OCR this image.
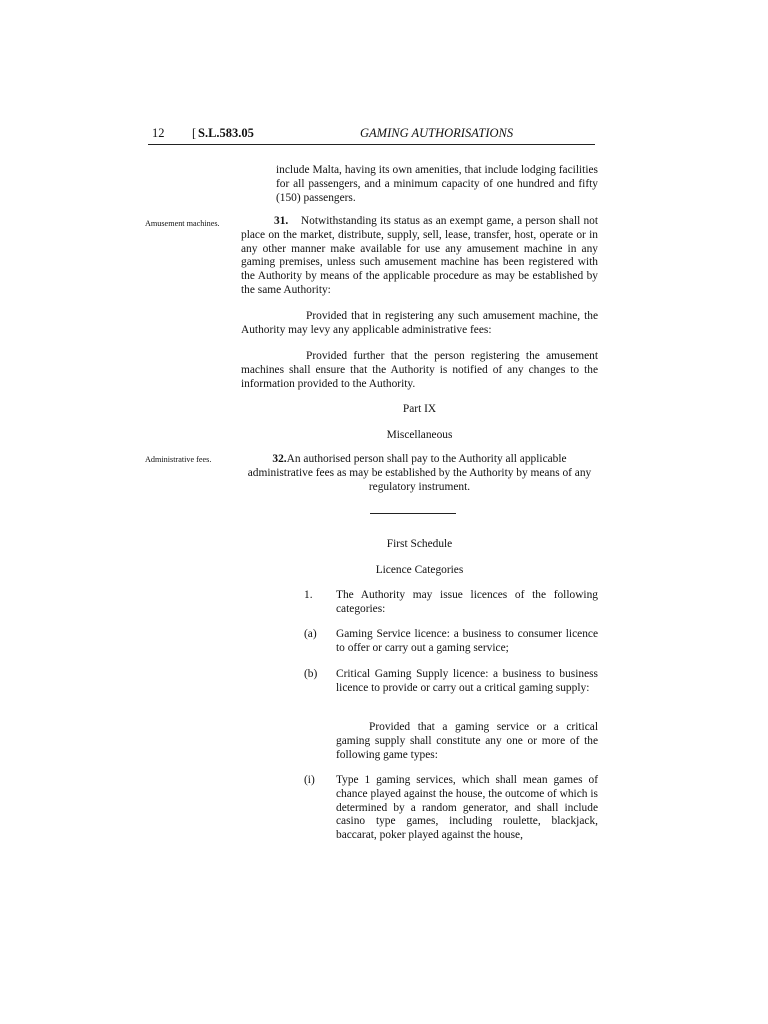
12 [ S.L.583.05	GAMING AUTHORISATIONS

include Malta, having its own amenities, that include lodging facilities for all passengers, and a minimum capacity of one hundred and fifty (150) passengers.

Amusement machines.	31. Notwithstanding its status as an exempt game, a person shall not place on the market, distribute, supply, sell, lease, transfer, host, operate or in any other manner make available for use any amusement machine in any gaming premises, unless such amusement machine has been registered with the Authority by means of the applicable procedure as may be established by the same Authority:

Provided that in registering any such amusement machine, the Authority may levy any applicable administrative fees:

Provided further that the person registering the amusement machines shall ensure that the Authority is notified of any changes to the information provided to the Authority.

Part IX

Miscellaneous

Administrative fees.	32.An authorised person shall pay to the Authority all applicable administrative fees as may be established by the Authority by means of any regulatory instrument.

First Schedule

Licence Categories

1. The Authority may issue licences of the following categories:

(a) Gaming Service licence: a business to consumer licence to offer or carry out a gaming service;

(b) Critical Gaming Supply licence: a business to business licence to provide or carry out a critical gaming supply:

Provided that a gaming service or a critical gaming supply shall constitute any one or more of the following game types:

(i) Type 1 gaming services, which shall mean games of chance played against the house, the outcome of which is determined by a random generator, and shall include casino type games, including roulette, blackjack, baccarat, poker played against the house,
